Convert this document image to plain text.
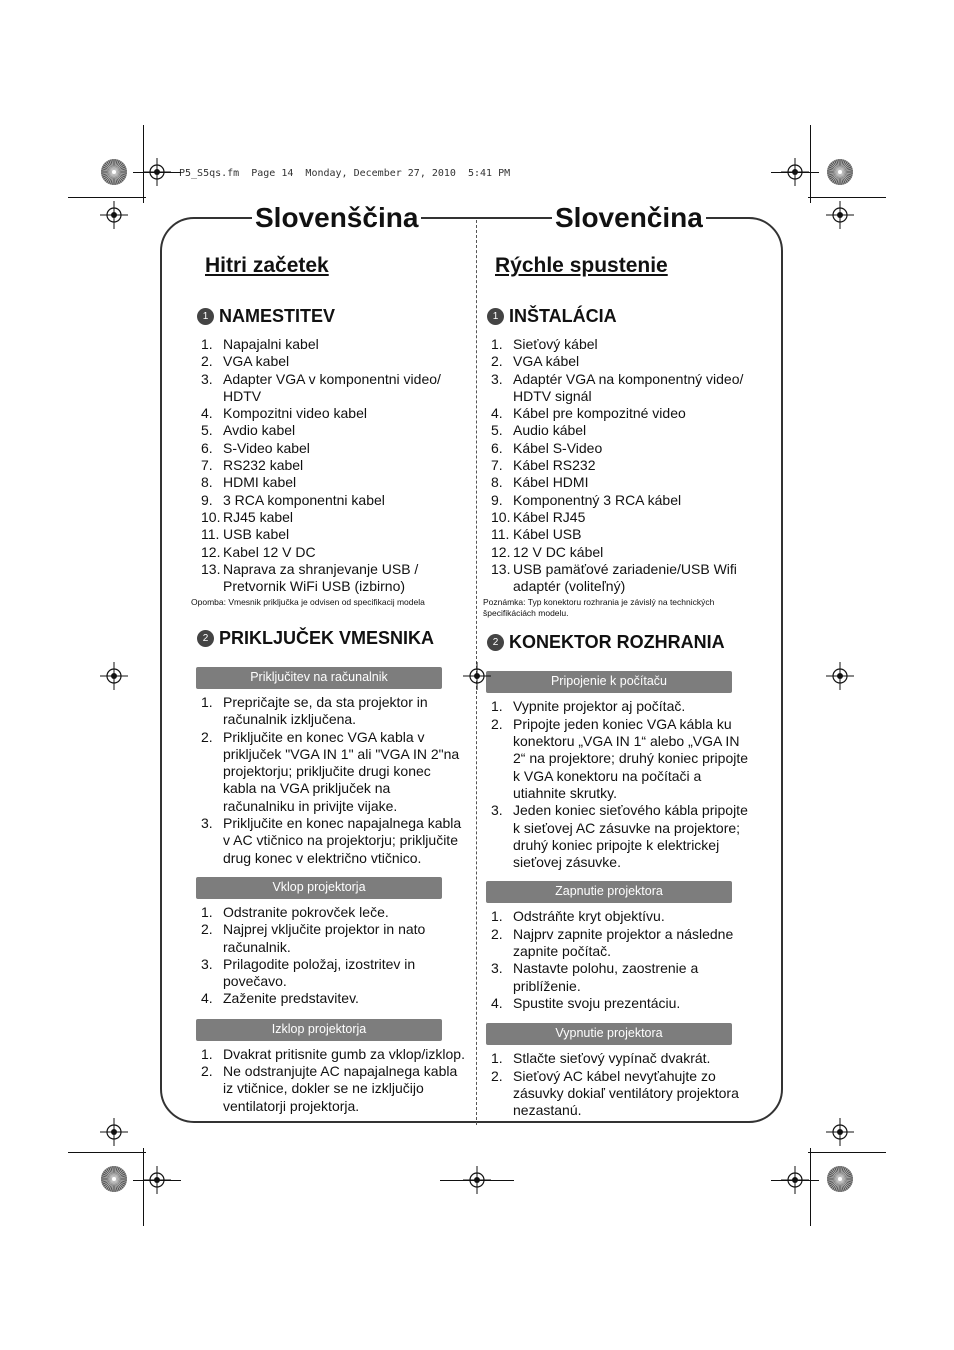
P5_S5qs.fm  Page 14  Monday, December 27, 2010  5:41 PM
Slovenščina	Slovenčina
Hitri začetek
1 NAMESTITEV
1. Napajalni kabel
2. VGA kabel
3. Adapter VGA v komponentni video/
HDTV
4. Kompozitni video kabel
5. Avdio kabel
6. S-Video kabel
7. RS232 kabel
8. HDMI kabel
9. 3 RCA komponentni kabel
10. RJ45 kabel
11. USB kabel
12. Kabel 12 V DC
13. Naprava za shranjevanje USB /
Pretvornik WiFi USB (izbirno)
Opomba: Vmesnik priključka je odvisen od specifikacij modela
2 PRIKLJUČEK VMESNIKA
Priključitev na računalnik
1. Prepričajte se, da sta projektor in
računalnik izključena.
2. Priključite en konec VGA kabla v
priključek "VGA IN 1" ali "VGA IN 2"na
projektorju; priključite drugi konec
kabla na VGA priključek na
računalniku in privijte vijake.
3. Priključite en konec napajalnega kabla
v AC vtičnico na projektorju; priključite
drug konec v električno vtičnico.
Vklop projektorja
1. Odstranite pokrovček leče.
2. Najprej vključite projektor in nato
računalnik.
3. Prilagodite položaj, izostritev in
povečavo.
4. Zaženite predstavitev.
Izklop projektorja
1. Dvakrat pritisnite gumb za vklop/izklop.
2. Ne odstranjujte AC napajalnega kabla
iz vtičnice, dokler se ne izključijo
ventilatorji projektorja.
Rýchle spustenie
1 INŠTALÁCIA
1. Sieťový kábel
2. VGA kábel
3. Adaptér VGA na komponentný video/
HDTV signál
4. Kábel pre kompozitné video
5. Audio kábel
6. Kábel S-Video
7. Kábel RS232
8. Kábel HDMI
9. Komponentný 3 RCA kábel
10. Kábel RJ45
11. Kábel USB
12. 12 V DC kábel
13. USB pamäťové zariadenie/USB Wifi
adaptér (voliteľný)
Poznámka: Typ konektoru rozhrania je závislý na technických
špecifikáciách modelu.
2 KONEKTOR ROZHRANIA
Pripojenie k počítaču
1. Vypnite projektor aj počítač.
2. Pripojte jeden koniec VGA kábla ku
konektoru „VGA IN 1“ alebo „VGA IN
2“ na projektore; druhý koniec pripojte
k VGA konektoru na počítači a
utiahnite skrutky.
3. Jeden koniec sieťového kábla pripojte
k sieťovej AC zásuvke na projektore;
druhý koniec pripojte k elektrickej
sieťovej zásuvke.
Zapnutie projektora
1. Odstráňte kryt objektívu.
2. Najprv zapnite projektor a následne
zapnite počítač.
3. Nastavte polohu, zaostrenie a
priblíženie.
4. Spustite svoju prezentáciu.
Vypnutie projektora
1. Stlačte sieťový vypínač dvakrát.
2. Sieťový AC kábel nevyťahujte zo
zásuvky dokiaľ ventilátory projektora
nezastanú.
